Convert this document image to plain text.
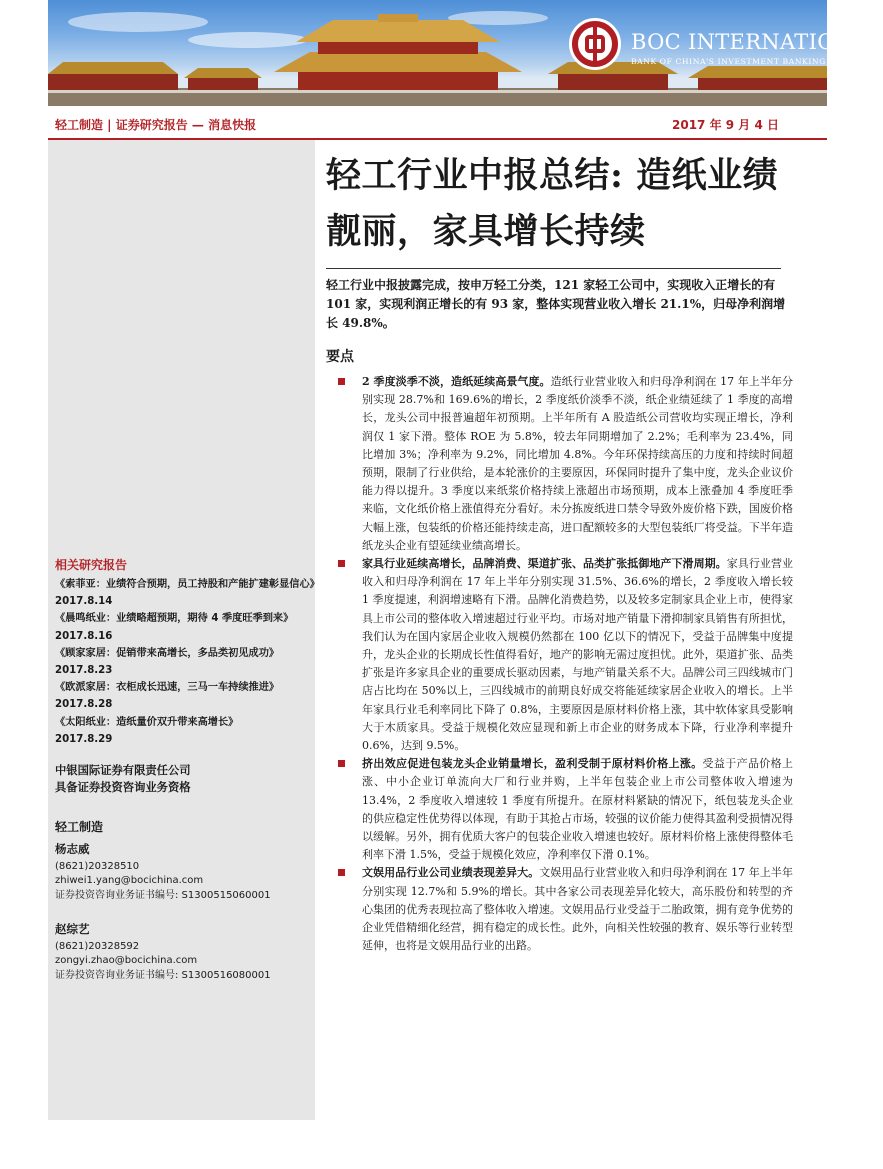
BOC INTERNATIONAL
BANK OF CHINA'S INVESTMENT BANKING GROUP
轻工制造 | 证券研究报告 — 消息快报	2017 年 9 月 4 日
轻工行业中报总结: 造纸业绩靓丽，家具增长持续
轻工行业中报披露完成，按申万轻工分类，121 家轻工公司中，实现收入正增长的有 101 家，实现利润正增长的有 93 家，整体实现营业收入增长 21.1%，归母净利润增长 49.8%。
要点
2 季度淡季不淡，造纸延续高景气度。造纸行业营业收入和归母净利润在 17 年上半年分别实现 28.7%和 169.6%的增长，2 季度纸价淡季不淡，纸企业绩延续了 1 季度的高增长，龙头公司中报普遍超年初预期。上半年所有 A 股造纸公司营收均实现正增长，净利润仅 1 家下滑。整体 ROE 为 5.8%，较去年同期增加了 2.2%；毛利率为 23.4%，同比增加 3%；净利率为 9.2%，同比增加 4.8%。今年环保持续高压的力度和持续时间超预期，限制了行业供给，是本轮涨价的主要原因，环保同时提升了集中度，龙头企业议价能力得以提升。3 季度以来纸浆价格持续上涨超出市场预期，成本上涨叠加 4 季度旺季来临，文化纸价格上涨值得充分看好。未分拣废纸进口禁令导致外废价格下跌，国废价格大幅上涨，包装纸的价格还能持续走高，进口配额较多的大型包装纸厂将受益。下半年造纸龙头企业有望延续业绩高增长。
家具行业延续高增长，品牌消费、渠道扩张、品类扩张抵御地产下滑周期。家具行业营业收入和归母净利润在 17 年上半年分别实现 31.5%、36.6%的增长，2 季度收入增长较 1 季度提速，利润增速略有下滑。品牌化消费趋势，以及较多定制家具企业上市，使得家具上市公司的整体收入增速超过行业平均。市场对地产销量下滑抑制家具销售有所担忧，我们认为在国内家居企业收入规模仍然都在 100 亿以下的情况下，受益于品牌集中度提升，龙头企业的长期成长性值得看好，地产的影响无需过度担忧。此外，渠道扩张、品类扩张是许多家具企业的重要成长驱动因素，与地产销量关系不大。品牌公司三四线城市门店占比均在 50%以上，三四线城市的前期良好成交将能延续家居企业收入的增长。上半年家具行业毛利率同比下降了 0.8%，主要原因是原材料价格上涨，其中软体家具受影响大于木质家具。受益于规模化效应显现和新上市企业的财务成本下降，行业净利率提升 0.6%，达到 9.5%。
挤出效应促进包装龙头企业销量增长，盈利受制于原材料价格上涨。受益于产品价格上涨、中小企业订单流向大厂和行业并购，上半年包装企业上市公司整体收入增速为 13.4%，2 季度收入增速较 1 季度有所提升。在原材料紧缺的情况下，纸包装龙头企业的供应稳定性优势得以体现，有助于其抢占市场，较强的议价能力使得其盈利受损情况得以缓解。另外，拥有优质大客户的包装企业收入增速也较好。原材料价格上涨使得整体毛利率下滑 1.5%，受益于规模化效应，净利率仅下滑 0.1%。
文娱用品行业公司业绩表现差异大。文娱用品行业营业收入和归母净利润在 17 年上半年分别实现 12.7%和 5.9%的增长。其中各家公司表现差异化较大，高乐股份和转型的齐心集团的优秀表现拉高了整体收入增速。文娱用品行业受益于二胎政策，拥有竞争优势的企业凭借精细化经营，拥有稳定的成长性。此外，向相关性较强的教育、娱乐等行业转型延伸，也将是文娱用品行业的出路。
相关研究报告
《索菲亚：业绩符合预期，员工持股和产能扩建彰显信心》2017.8.14
《晨鸣纸业：业绩略超预期，期待 4 季度旺季到来》2017.8.16
《顾家家居：促销带来高增长，多品类初见成功》
2017.8.23
《欧派家居：衣柜成长迅速，三马一车持续推进》
2017.8.28
《太阳纸业：造纸量价双升带来高增长》
2017.8.29
中银国际证券有限责任公司
具备证券投资咨询业务资格
轻工制造
杨志威
(8621)20328510
zhiwei1.yang@bocichina.com
证券投资咨询业务证书编号: S1300515060001
赵综艺
(8621)20328592
zongyi.zhao@bocichina.com
证券投资咨询业务证书编号: S1300516080001
